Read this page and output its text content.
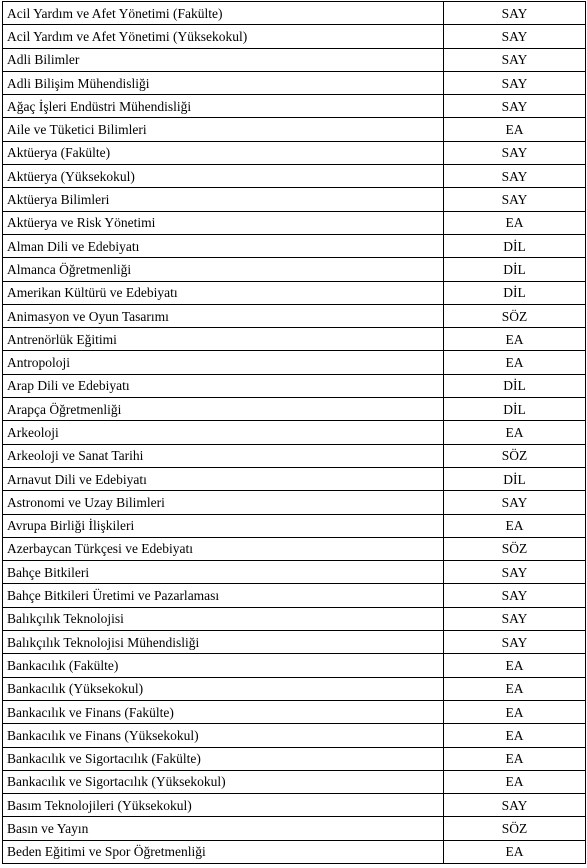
Acil Yardım ve Afet Yönetimi (Fakülte)	SAY
Acil Yardım ve Afet Yönetimi (Yüksekokul)	SAY
Adli Bilimler	SAY
Adli Bilişim Mühendisliği	SAY
Ağaç İşleri Endüstri Mühendisliği	SAY
Aile ve Tüketici Bilimleri	EA
Aktüerya (Fakülte)	SAY
Aktüerya (Yüksekokul)	SAY
Aktüerya Bilimleri	SAY
Aktüerya ve Risk Yönetimi	EA
Alman Dili ve Edebiyatı	DİL
Almanca Öğretmenliği	DİL
Amerikan Kültürü ve Edebiyatı	DİL
Animasyon ve Oyun Tasarımı	SÖZ
Antrenörlük Eğitimi	EA
Antropoloji	EA
Arap Dili ve Edebiyatı	DİL
Arapça Öğretmenliği	DİL
Arkeoloji	EA
Arkeoloji ve Sanat Tarihi	SÖZ
Arnavut Dili ve Edebiyatı	DİL
Astronomi ve Uzay Bilimleri	SAY
Avrupa Birliği İlişkileri	EA
Azerbaycan Türkçesi ve Edebiyatı	SÖZ
Bahçe Bitkileri	SAY
Bahçe Bitkileri Üretimi ve Pazarlaması	SAY
Balıkçılık Teknolojisi	SAY
Balıkçılık Teknolojisi Mühendisliği	SAY
Bankacılık (Fakülte)	EA
Bankacılık (Yüksekokul)	EA
Bankacılık ve Finans (Fakülte)	EA
Bankacılık ve Finans (Yüksekokul)	EA
Bankacılık ve Sigortacılık (Fakülte)	EA
Bankacılık ve Sigortacılık (Yüksekokul)	EA
Basım Teknolojileri (Yüksekokul)	SAY
Basın ve Yayın	SÖZ
Beden Eğitimi ve Spor Öğretmenliği	EA
